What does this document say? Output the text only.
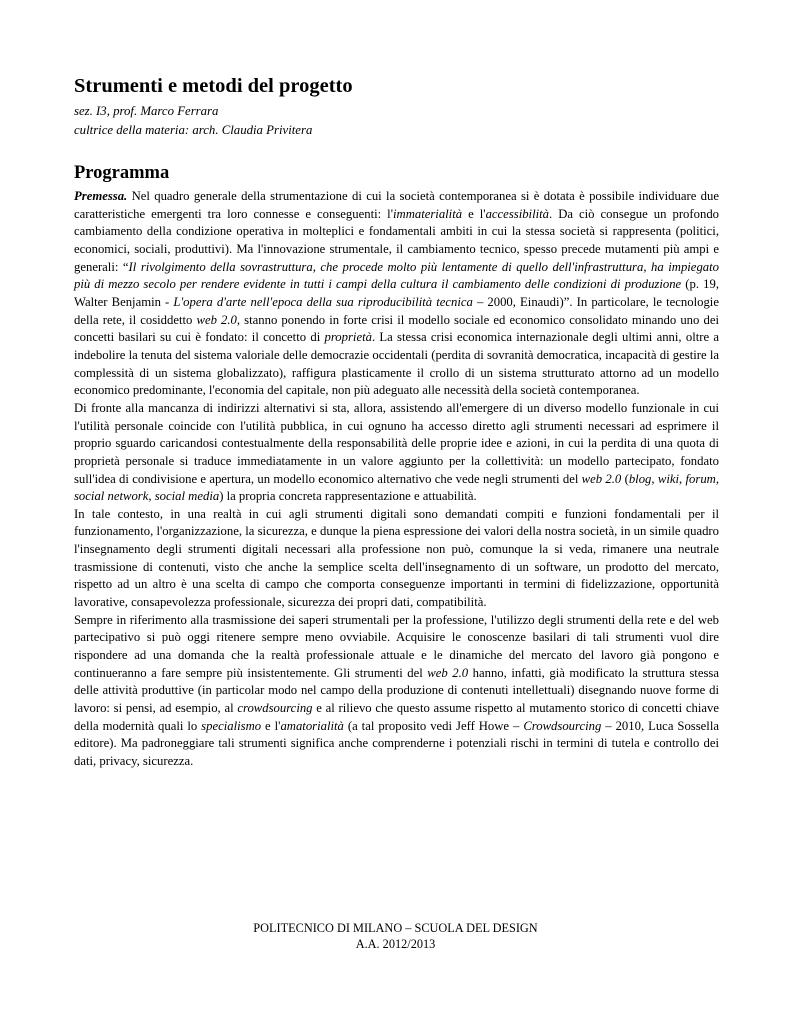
Strumenti e metodi del progetto
sez. I3, prof. Marco Ferrara
cultrice della materia: arch. Claudia Privitera
Programma

Premessa. Nel quadro generale della strumentazione di cui la società contemporanea si è dotata è possibile individuare due caratteristiche emergenti tra loro connesse e conseguenti: l'immaterialità e l'accessibilità. Da ciò consegue un profondo cambiamento della condizione operativa in molteplici e fondamentali ambiti in cui la stessa società si rappresenta (politici, economici, sociali, produttivi). Ma l'innovazione strumentale, il cambiamento tecnico, spesso precede mutamenti più ampi e generali: “Il rivolgimento della sovrastruttura, che procede molto più lentamente di quello dell'infrastruttura, ha impiegato più di mezzo secolo per rendere evidente in tutti i campi della cultura il cambiamento delle condizioni di produzione (p. 19, Walter Benjamin - L'opera d'arte nell'epoca della sua riproducibilità tecnica – 2000, Einaudi)”. In particolare, le tecnologie della rete, il cosiddetto web 2.0, stanno ponendo in forte crisi il modello sociale ed economico consolidato minando uno dei concetti basilari su cui è fondato: il concetto di proprietà. La stessa crisi economica internazionale degli ultimi anni, oltre a indebolire la tenuta del sistema valoriale delle democrazie occidentali (perdita di sovranità democratica, incapacità di gestire la complessità di un sistema globalizzato), raffigura plasticamente il crollo di un sistema strutturato attorno ad un modello economico predominante, l'economia del capitale, non più adeguato alle necessità della società contemporanea.

Di fronte alla mancanza di indirizzi alternativi si sta, allora, assistendo all'emergere di un diverso modello funzionale in cui l'utilità personale coincide con l'utilità pubblica, in cui ognuno ha accesso diretto agli strumenti necessari ad esprimere il proprio sguardo caricandosi contestualmente della responsabilità delle proprie idee e azioni, in cui la perdita di una quota di proprietà personale si traduce immediatamente in un valore aggiunto per la collettività: un modello partecipato, fondato sull'idea di condivisione e apertura, un modello economico alternativo che vede negli strumenti del web 2.0 (blog, wiki, forum, social network, social media) la propria concreta rappresentazione e attuabilità.

In tale contesto, in una realtà in cui agli strumenti digitali sono demandati compiti e funzioni fondamentali per il funzionamento, l'organizzazione, la sicurezza, e dunque la piena espressione dei valori della nostra società, in un simile quadro l'insegnamento degli strumenti digitali necessari alla professione non può, comunque la si veda, rimanere una neutrale trasmissione di contenuti, visto che anche la semplice scelta dell'insegnamento di un software, un prodotto del mercato, rispetto ad un altro è una scelta di campo che comporta conseguenze importanti in termini di fidelizzazione, opportunità lavorative, consapevolezza professionale, sicurezza dei propri dati, compatibilità.

Sempre in riferimento alla trasmissione dei saperi strumentali per la professione, l'utilizzo degli strumenti della rete e del web partecipativo si può oggi ritenere sempre meno ovviabile. Acquisire le conoscenze basilari di tali strumenti vuol dire rispondere ad una domanda che la realtà professionale attuale e le dinamiche del mercato del lavoro già pongono e continueranno a fare sempre più insistentemente. Gli strumenti del web 2.0 hanno, infatti, già modificato la struttura stessa delle attività produttive (in particolar modo nel campo della produzione di contenuti intellettuali) disegnando nuove forme di lavoro: si pensi, ad esempio, al crowdsourcing e al rilievo che questo assume rispetto al mutamento storico di concetti chiave della modernità quali lo specialismo e l'amatorialità (a tal proposito vedi Jeff Howe – Crowdsourcing – 2010, Luca Sossella editore). Ma padroneggiare tali strumenti significa anche comprenderne i potenziali rischi in termini di tutela e controllo dei dati, privacy, sicurezza.

POLITECNICO DI MILANO – SCUOLA DEL DESIGN
A.A. 2012/2013
